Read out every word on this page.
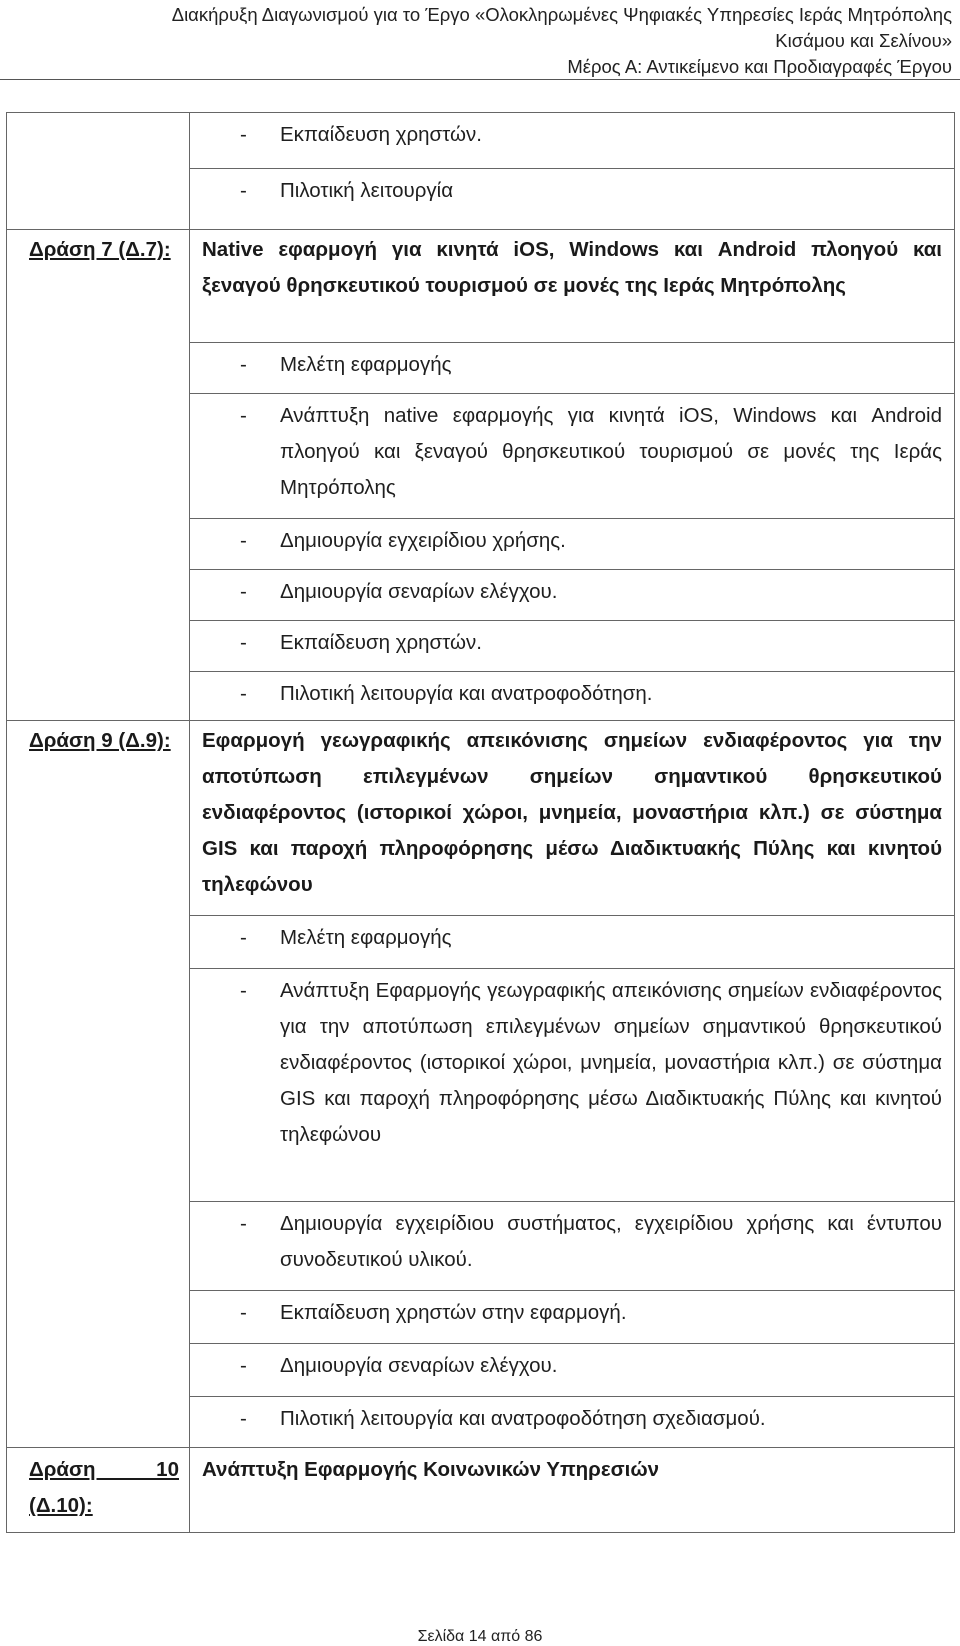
Διακήρυξη Διαγωνισμού για το Έργο «Ολοκληρωμένες Ψηφιακές Υπηρεσίες Ιεράς Μητρόπολης
Κισάμου και Σελίνου»
Μέρος Α: Αντικείμενο και Προδιαγραφές Έργου

	- Εκπαίδευση χρηστών.

	- Πιλοτική λειτουργία

Δράση 7 (Δ.7):	Native εφαρμογή για κινητά iOS, Windows και Android πλοηγού και ξεναγού θρησκευτικού τουρισμού σε μονές της Ιεράς Μητρόπολης

	- Μελέτη εφαρμογής

	- Ανάπτυξη native εφαρμογής για κινητά iOS, Windows και Android πλοηγού και ξεναγού θρησκευτικού τουρισμού σε μονές της Ιεράς Μητρόπολης

	- Δημιουργία εγχειρίδιου χρήσης.

	- Δημιουργία σεναρίων ελέγχου.

	- Εκπαίδευση χρηστών.

	- Πιλοτική λειτουργία και ανατροφοδότηση.

Δράση 9 (Δ.9):	Εφαρμογή γεωγραφικής απεικόνισης σημείων ενδιαφέροντος για την αποτύπωση επιλεγμένων σημείων σημαντικού θρησκευτικού ενδιαφέροντος (ιστορικοί χώροι, μνημεία, μοναστήρια κλπ.) σε σύστημα GIS και παροχή πληροφόρησης μέσω Διαδικτυακής Πύλης και κινητού τηλεφώνου

	- Μελέτη εφαρμογής

	- Ανάπτυξη Εφαρμογής γεωγραφικής απεικόνισης σημείων ενδιαφέροντος για την αποτύπωση επιλεγμένων σημείων σημαντικού θρησκευτικού ενδιαφέροντος (ιστορικοί χώροι, μνημεία, μοναστήρια κλπ.) σε σύστημα GIS και παροχή πληροφόρησης μέσω Διαδικτυακής Πύλης και κινητού τηλεφώνου

	- Δημιουργία εγχειρίδιου συστήματος, εγχειρίδιου χρήσης και έντυπου συνοδευτικού υλικού.

	- Εκπαίδευση χρηστών στην εφαρμογή.

	- Δημιουργία σεναρίων ελέγχου.

	- Πιλοτική λειτουργία και ανατροφοδότηση σχεδιασμού.

Δράση 10
(Δ.10):	Ανάπτυξη Εφαρμογής Κοινωνικών Υπηρεσιών
Σελίδα 14 από 86
